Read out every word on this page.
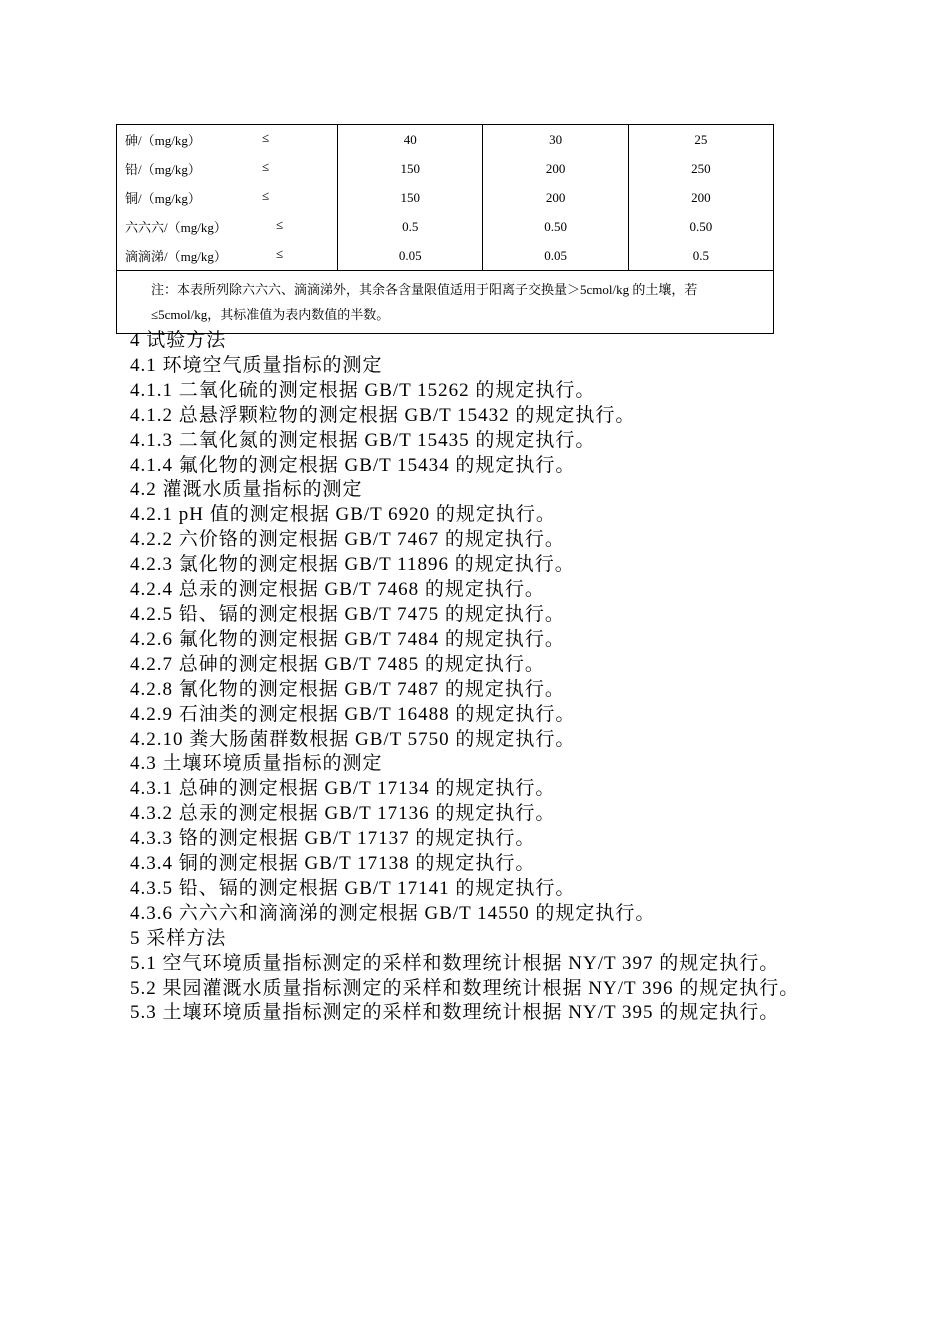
砷/（mg/kg） ≤	40	30	25
铅/（mg/kg） ≤	150	200	250
铜/（mg/kg） ≤	150	200	200
六六六/（mg/kg） ≤	0.5	0.50	0.50
滴滴涕/（mg/kg） ≤	0.05	0.05	0.5
注：本表所列除六六六、滴滴涕外，其余各含量限值适用于阳离子交换量＞5cmol/kg 的土壤，若≤5cmol/kg，其标准值为表内数值的半数。			
4 试验方法
4.1 环境空气质量指标的测定
4.1.1 二氧化硫的测定根据 GB/T 15262 的规定执行。
4.1.2 总悬浮颗粒物的测定根据 GB/T 15432 的规定执行。
4.1.3 二氧化氮的测定根据 GB/T 15435 的规定执行。
4.1.4 氟化物的测定根据 GB/T 15434 的规定执行。
4.2 灌溉水质量指标的测定
4.2.1 pH 值的测定根据 GB/T 6920 的规定执行。
4.2.2 六价铬的测定根据 GB/T 7467 的规定执行。
4.2.3 氯化物的测定根据 GB/T 11896 的规定执行。
4.2.4 总汞的测定根据 GB/T 7468 的规定执行。
4.2.5 铅、镉的测定根据 GB/T 7475 的规定执行。
4.2.6 氟化物的测定根据 GB/T 7484 的规定执行。
4.2.7 总砷的测定根据 GB/T 7485 的规定执行。
4.2.8 氰化物的测定根据 GB/T 7487 的规定执行。
4.2.9 石油类的测定根据 GB/T 16488 的规定执行。
4.2.10 粪大肠菌群数根据 GB/T 5750 的规定执行。
4.3 土壤环境质量指标的测定
4.3.1 总砷的测定根据 GB/T 17134 的规定执行。
4.3.2 总汞的测定根据 GB/T 17136 的规定执行。
4.3.3 铬的测定根据 GB/T 17137 的规定执行。
4.3.4 铜的测定根据 GB/T 17138 的规定执行。
4.3.5 铅、镉的测定根据 GB/T 17141 的规定执行。
4.3.6 六六六和滴滴涕的测定根据 GB/T 14550 的规定执行。
5 采样方法
5.1 空气环境质量指标测定的采样和数理统计根据 NY/T 397 的规定执行。
5.2 果园灌溉水质量指标测定的采样和数理统计根据 NY/T 396 的规定执行。
5.3 土壤环境质量指标测定的采样和数理统计根据 NY/T 395 的规定执行。
